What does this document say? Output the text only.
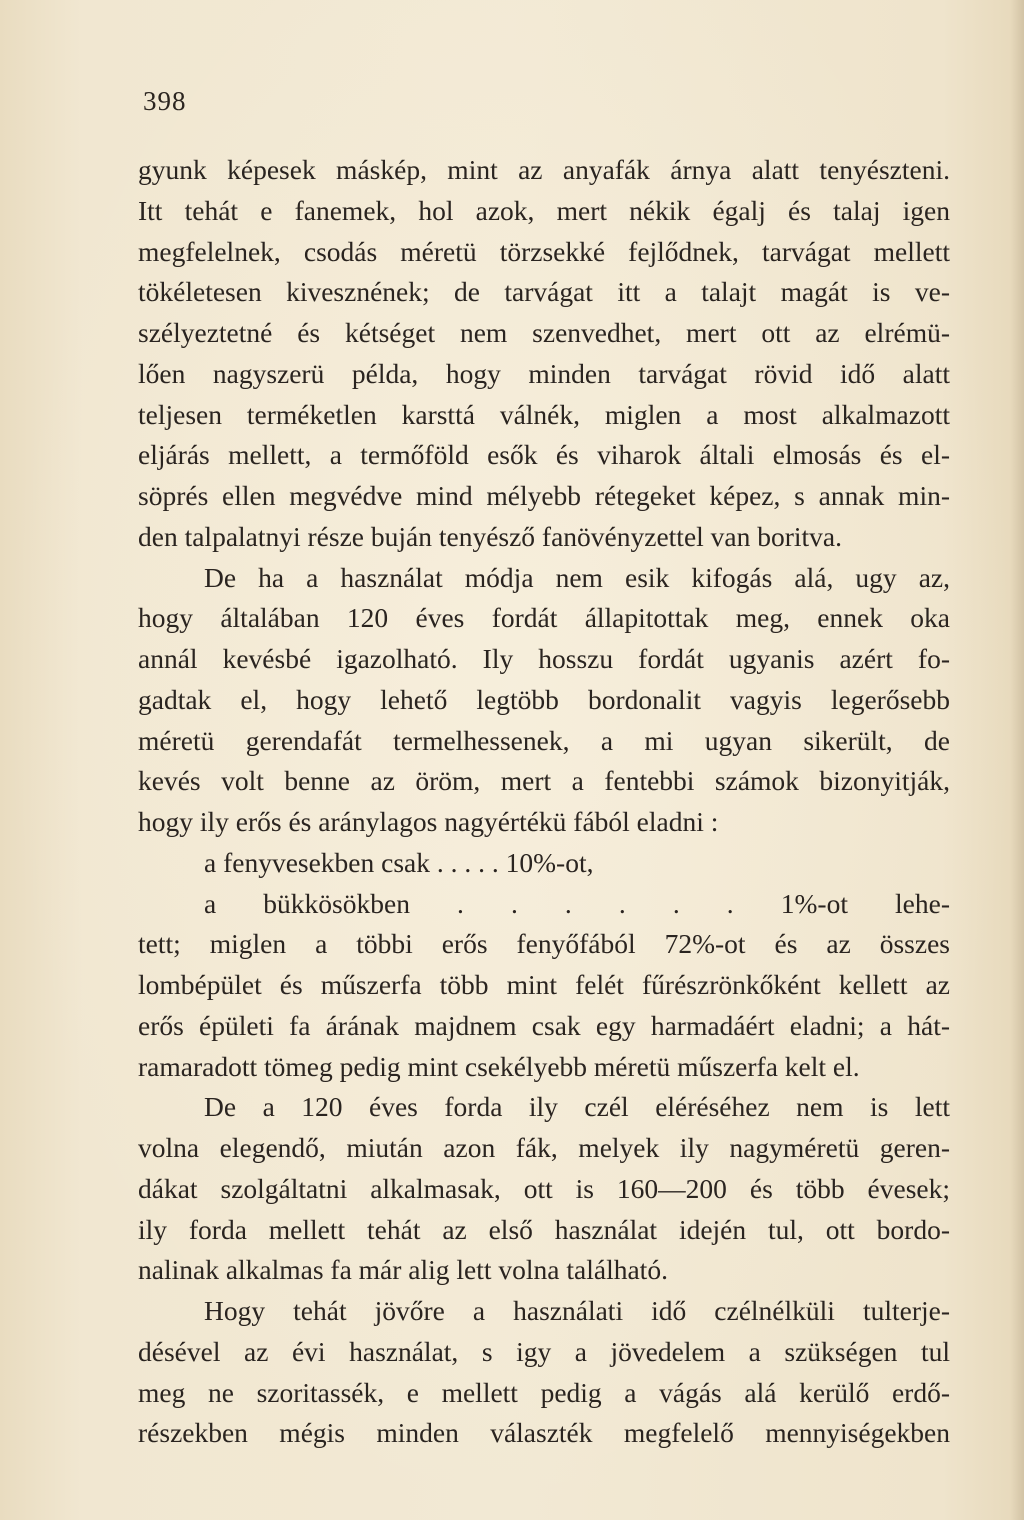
398
gyunk képesek máskép, mint az anyafák árnya alatt tenyészteni.
Itt tehát e fanemek, hol azok, mert nékik égalj és talaj igen
megfelelnek, csodás méretü törzsekké fejlődnek, tarvágat mellett
tökéletesen kivesznének; de tarvágat itt a talajt magát is ve-
szélyeztetné és kétséget nem szenvedhet, mert ott az elrémü-
lően nagyszerü példa, hogy minden tarvágat rövid idő alatt
teljesen terméketlen karsttá válnék, miglen a most alkalmazott
eljárás mellett, a termőföld esők és viharok általi elmosás és el-
söprés ellen megvédve mind mélyebb rétegeket képez, s annak min-
den talpalatnyi része buján tenyésző fanövényzettel van boritva.
De ha a használat módja nem esik kifogás alá, ugy az,
hogy általában 120 éves fordát állapitottak meg, ennek oka
annál kevésbé igazolható. Ily hosszu fordát ugyanis azért fo-
gadtak el, hogy lehető legtöbb bordonalit vagyis legerősebb
méretü gerendafát termelhessenek, a mi ugyan sikerült, de
kevés volt benne az öröm, mert a fentebbi számok bizonyitják,
hogy ily erős és aránylagos nagyértékü fából eladni :
a fenyvesekben csak . . . . . 10%-ot,
a bükkösökben . . . . . . 1%-ot lehe-
tett; miglen a többi erős fenyőfából 72%-ot és az összes
lombépület és műszerfa több mint felét fűrészrönkőként kellett az
erős épületi fa árának majdnem csak egy harmadáért eladni; a hát-
ramaradott tömeg pedig mint csekélyebb méretü műszerfa kelt el.
De a 120 éves forda ily czél eléréséhez nem is lett
volna elegendő, miután azon fák, melyek ily nagyméretü geren-
dákat szolgáltatni alkalmasak, ott is 160—200 és több évesek;
ily forda mellett tehát az első használat idején tul, ott bordo-
nalinak alkalmas fa már alig lett volna található.
Hogy tehát jövőre a használati idő czélnélküli tulterje-
désével az évi használat, s igy a jövedelem a szükségen tul
meg ne szoritassék, e mellett pedig a vágás alá kerülő erdő-
részekben mégis minden választék megfelelő mennyiségekben
